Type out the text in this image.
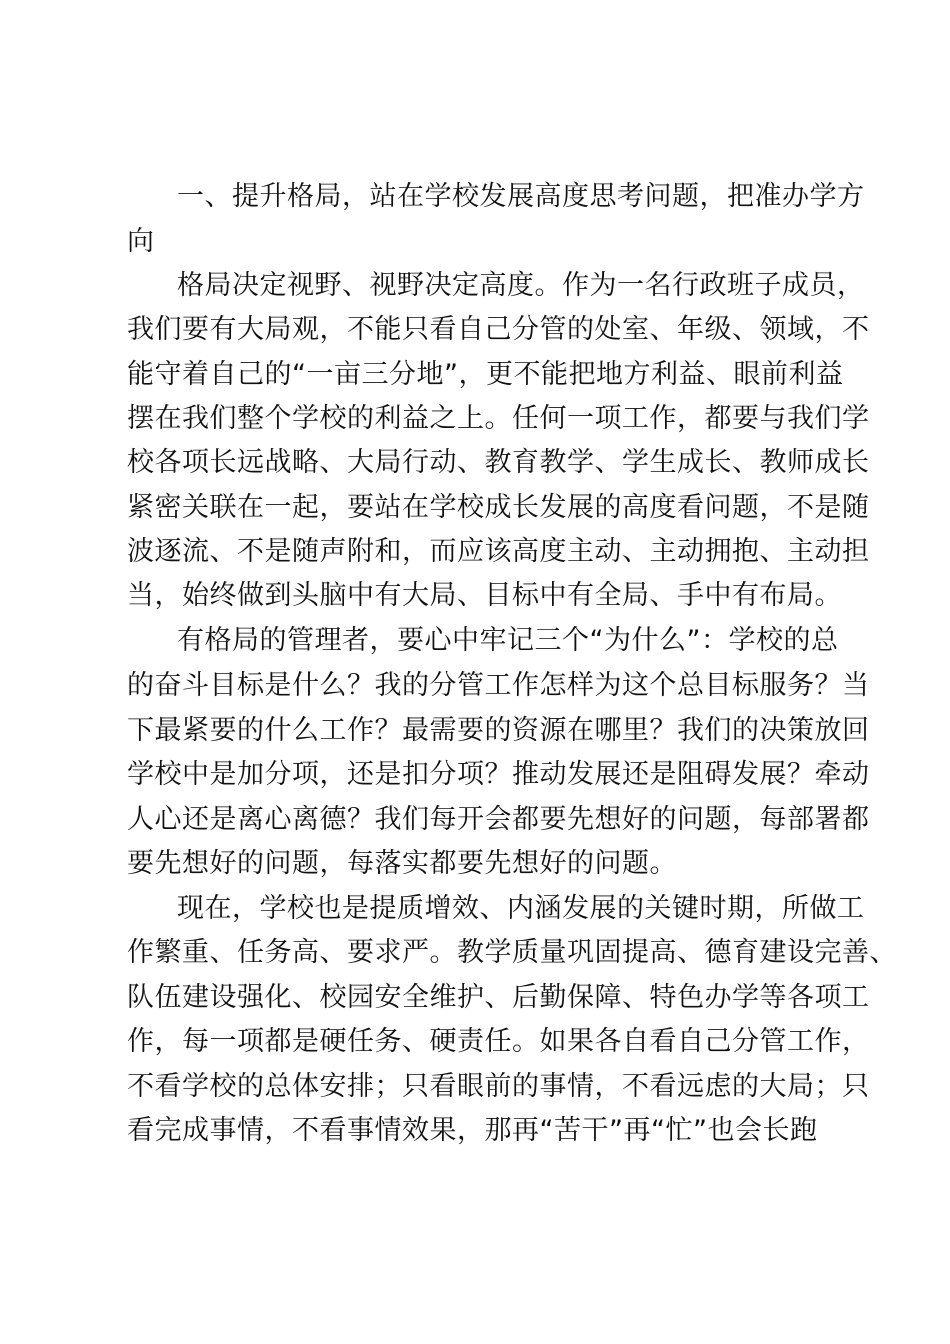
一、提升格局，站在学校发展高度思考问题，把准办学方
向
格局决定视野、视野决定高度。作为一名行政班子成员，
我们要有大局观，不能只看自己分管的处室、年级、领域，不
能守着自己的“一亩三分地”，更不能把地方利益、眼前利益
摆在我们整个学校的利益之上。任何一项工作，都要与我们学
校各项长远战略、大局行动、教育教学、学生成长、教师成长
紧密关联在一起，要站在学校成长发展的高度看问题，不是随
波逐流、不是随声附和，而应该高度主动、主动拥抱、主动担
当，始终做到头脑中有大局、目标中有全局、手中有布局。
有格局的管理者，要心中牢记三个“为什么”：学校的总
的奋斗目标是什么？我的分管工作怎样为这个总目标服务？当
下最紧要的什么工作？最需要的资源在哪里？我们的决策放回
学校中是加分项，还是扣分项？推动发展还是阻碍发展？牵动
人心还是离心离德？我们每开会都要先想好的问题，每部署都
要先想好的问题，每落实都要先想好的问题。
现在，学校也是提质增效、内涵发展的关键时期，所做工
作繁重、任务高、要求严。教学质量巩固提高、德育建设完善、
队伍建设强化、校园安全维护、后勤保障、特色办学等各项工
作，每一项都是硬任务、硬责任。如果各自看自己分管工作，
不看学校的总体安排；只看眼前的事情，不看远虑的大局；只
看完成事情，不看事情效果，那再“苦干”再“忙”也会长跑
